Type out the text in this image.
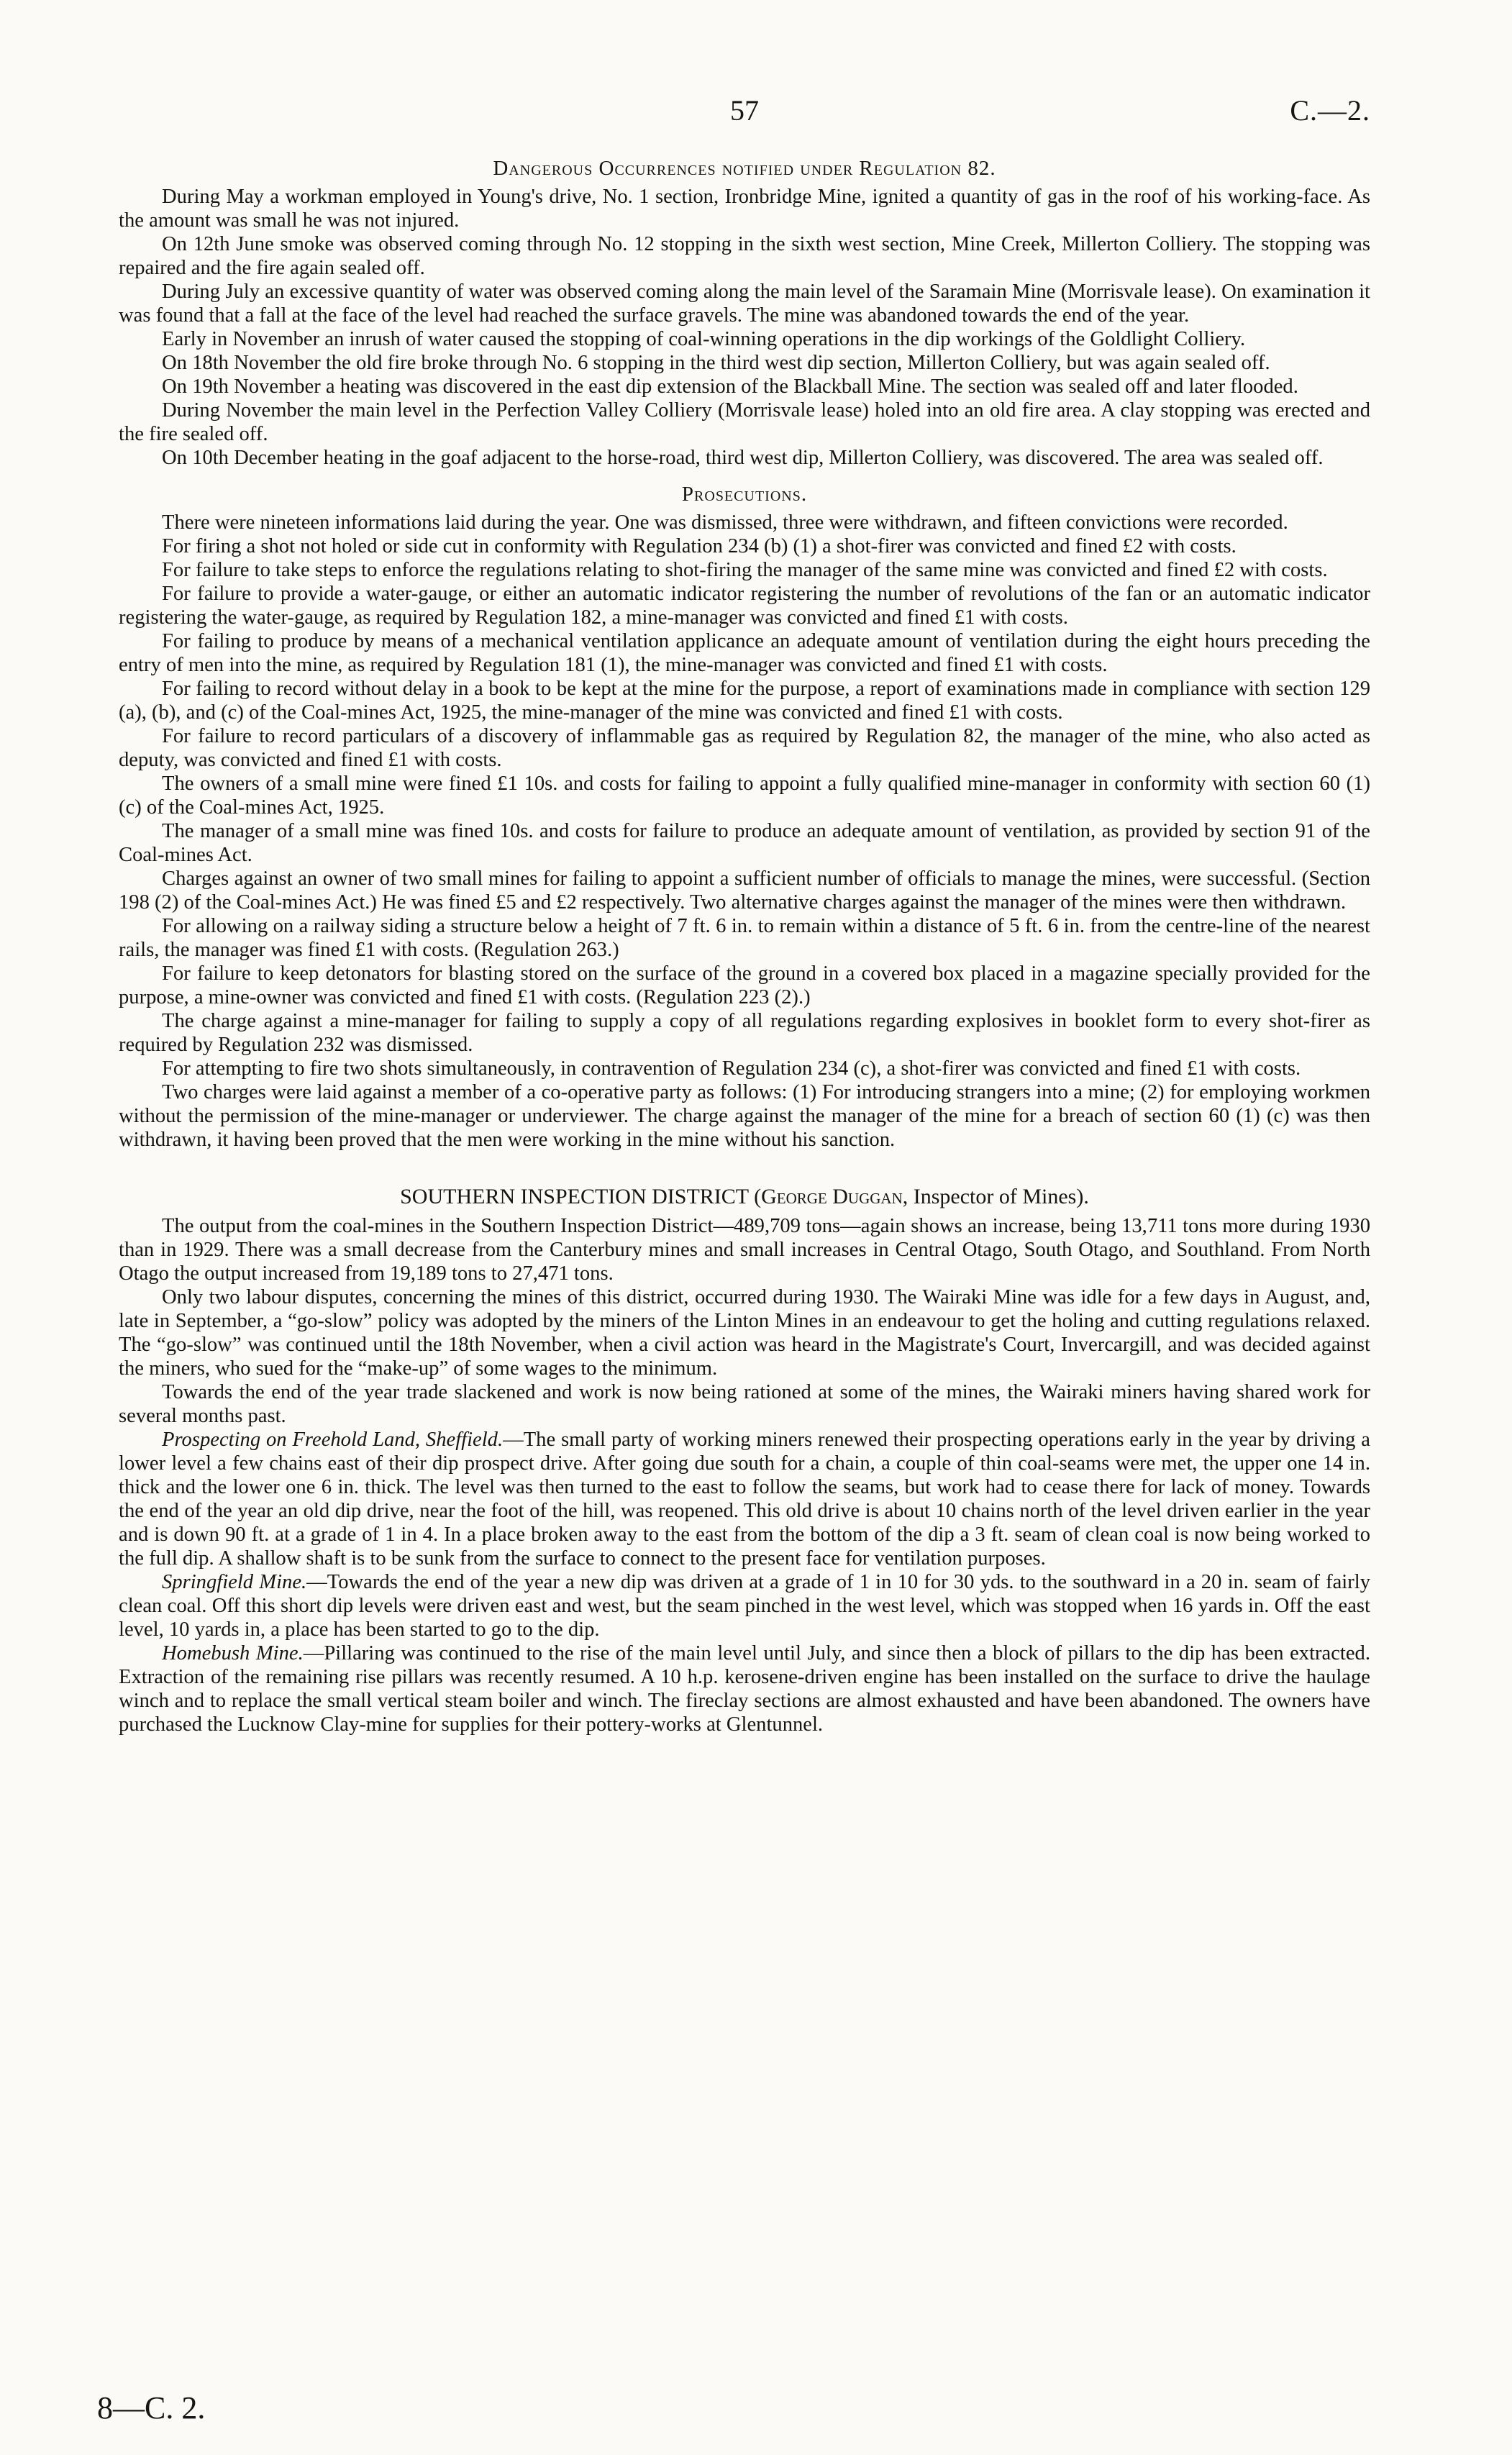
57	C.—2.
Dangerous Occurrences notified under Regulation 82.

During May a workman employed in Young's drive, No. 1 section, Ironbridge Mine, ignited a quantity of gas in the roof of his working-face. As the amount was small he was not injured.

On 12th June smoke was observed coming through No. 12 stopping in the sixth west section, Mine Creek, Millerton Colliery. The stopping was repaired and the fire again sealed off.

During July an excessive quantity of water was observed coming along the main level of the Saramain Mine (Morrisvale lease). On examination it was found that a fall at the face of the level had reached the surface gravels. The mine was abandoned towards the end of the year.

Early in November an inrush of water caused the stopping of coal-winning operations in the dip workings of the Goldlight Colliery.

On 18th November the old fire broke through No. 6 stopping in the third west dip section, Millerton Colliery, but was again sealed off.

On 19th November a heating was discovered in the east dip extension of the Blackball Mine. The section was sealed off and later flooded.

During November the main level in the Perfection Valley Colliery (Morrisvale lease) holed into an old fire area. A clay stopping was erected and the fire sealed off.

On 10th December heating in the goaf adjacent to the horse-road, third west dip, Millerton Colliery, was discovered. The area was sealed off.

Prosecutions.

There were nineteen informations laid during the year. One was dismissed, three were withdrawn, and fifteen convictions were recorded.

For firing a shot not holed or side cut in conformity with Regulation 234 (b) (1) a shot-firer was convicted and fined £2 with costs.

For failure to take steps to enforce the regulations relating to shot-firing the manager of the same mine was convicted and fined £2 with costs.

For failure to provide a water-gauge, or either an automatic indicator registering the number of revolutions of the fan or an automatic indicator registering the water-gauge, as required by Regulation 182, a mine-manager was convicted and fined £1 with costs.

For failing to produce by means of a mechanical ventilation applicance an adequate amount of ventilation during the eight hours preceding the entry of men into the mine, as required by Regulation 181 (1), the mine-manager was convicted and fined £1 with costs.

For failing to record without delay in a book to be kept at the mine for the purpose, a report of examinations made in compliance with section 129 (a), (b), and (c) of the Coal-mines Act, 1925, the mine-manager of the mine was convicted and fined £1 with costs.

For failure to record particulars of a discovery of inflammable gas as required by Regulation 82, the manager of the mine, who also acted as deputy, was convicted and fined £1 with costs.

The owners of a small mine were fined £1 10s. and costs for failing to appoint a fully qualified mine-manager in conformity with section 60 (1) (c) of the Coal-mines Act, 1925.

The manager of a small mine was fined 10s. and costs for failure to produce an adequate amount of ventilation, as provided by section 91 of the Coal-mines Act.

Charges against an owner of two small mines for failing to appoint a sufficient number of officials to manage the mines, were successful. (Section 198 (2) of the Coal-mines Act.) He was fined £5 and £2 respectively. Two alternative charges against the manager of the mines were then withdrawn.

For allowing on a railway siding a structure below a height of 7 ft. 6 in. to remain within a distance of 5 ft. 6 in. from the centre-line of the nearest rails, the manager was fined £1 with costs. (Regulation 263.)

For failure to keep detonators for blasting stored on the surface of the ground in a covered box placed in a magazine specially provided for the purpose, a mine-owner was convicted and fined £1 with costs. (Regulation 223 (2).)

The charge against a mine-manager for failing to supply a copy of all regulations regarding explosives in booklet form to every shot-firer as required by Regulation 232 was dismissed.

For attempting to fire two shots simultaneously, in contravention of Regulation 234 (c), a shot-firer was convicted and fined £1 with costs.

Two charges were laid against a member of a co-operative party as follows: (1) For introducing strangers into a mine; (2) for employing workmen without the permission of the mine-manager or underviewer. The charge against the manager of the mine for a breach of section 60 (1) (c) was then withdrawn, it having been proved that the men were working in the mine without his sanction.

SOUTHERN INSPECTION DISTRICT (George Duggan, Inspector of Mines).

The output from the coal-mines in the Southern Inspection District—489,709 tons—again shows an increase, being 13,711 tons more during 1930 than in 1929. There was a small decrease from the Canterbury mines and small increases in Central Otago, South Otago, and Southland. From North Otago the output increased from 19,189 tons to 27,471 tons.

Only two labour disputes, concerning the mines of this district, occurred during 1930. The Wairaki Mine was idle for a few days in August, and, late in September, a “go-slow” policy was adopted by the miners of the Linton Mines in an endeavour to get the holing and cutting regulations relaxed. The “go-slow” was continued until the 18th November, when a civil action was heard in the Magistrate's Court, Invercargill, and was decided against the miners, who sued for the “make-up” of some wages to the minimum.

Towards the end of the year trade slackened and work is now being rationed at some of the mines, the Wairaki miners having shared work for several months past.

Prospecting on Freehold Land, Sheffield.—The small party of working miners renewed their prospecting operations early in the year by driving a lower level a few chains east of their dip prospect drive. After going due south for a chain, a couple of thin coal-seams were met, the upper one 14 in. thick and the lower one 6 in. thick. The level was then turned to the east to follow the seams, but work had to cease there for lack of money. Towards the end of the year an old dip drive, near the foot of the hill, was reopened. This old drive is about 10 chains north of the level driven earlier in the year and is down 90 ft. at a grade of 1 in 4. In a place broken away to the east from the bottom of the dip a 3 ft. seam of clean coal is now being worked to the full dip. A shallow shaft is to be sunk from the surface to connect to the present face for ventilation purposes.

Springfield Mine.—Towards the end of the year a new dip was driven at a grade of 1 in 10 for 30 yds. to the southward in a 20 in. seam of fairly clean coal. Off this short dip levels were driven east and west, but the seam pinched in the west level, which was stopped when 16 yards in. Off the east level, 10 yards in, a place has been started to go to the dip.

Homebush Mine.—Pillaring was continued to the rise of the main level until July, and since then a block of pillars to the dip has been extracted. Extraction of the remaining rise pillars was recently resumed. A 10 h.p. kerosene-driven engine has been installed on the surface to drive the haulage winch and to replace the small vertical steam boiler and winch. The fireclay sections are almost exhausted and have been abandoned. The owners have purchased the Lucknow Clay-mine for supplies for their pottery-works at Glentunnel.

8—C. 2.
